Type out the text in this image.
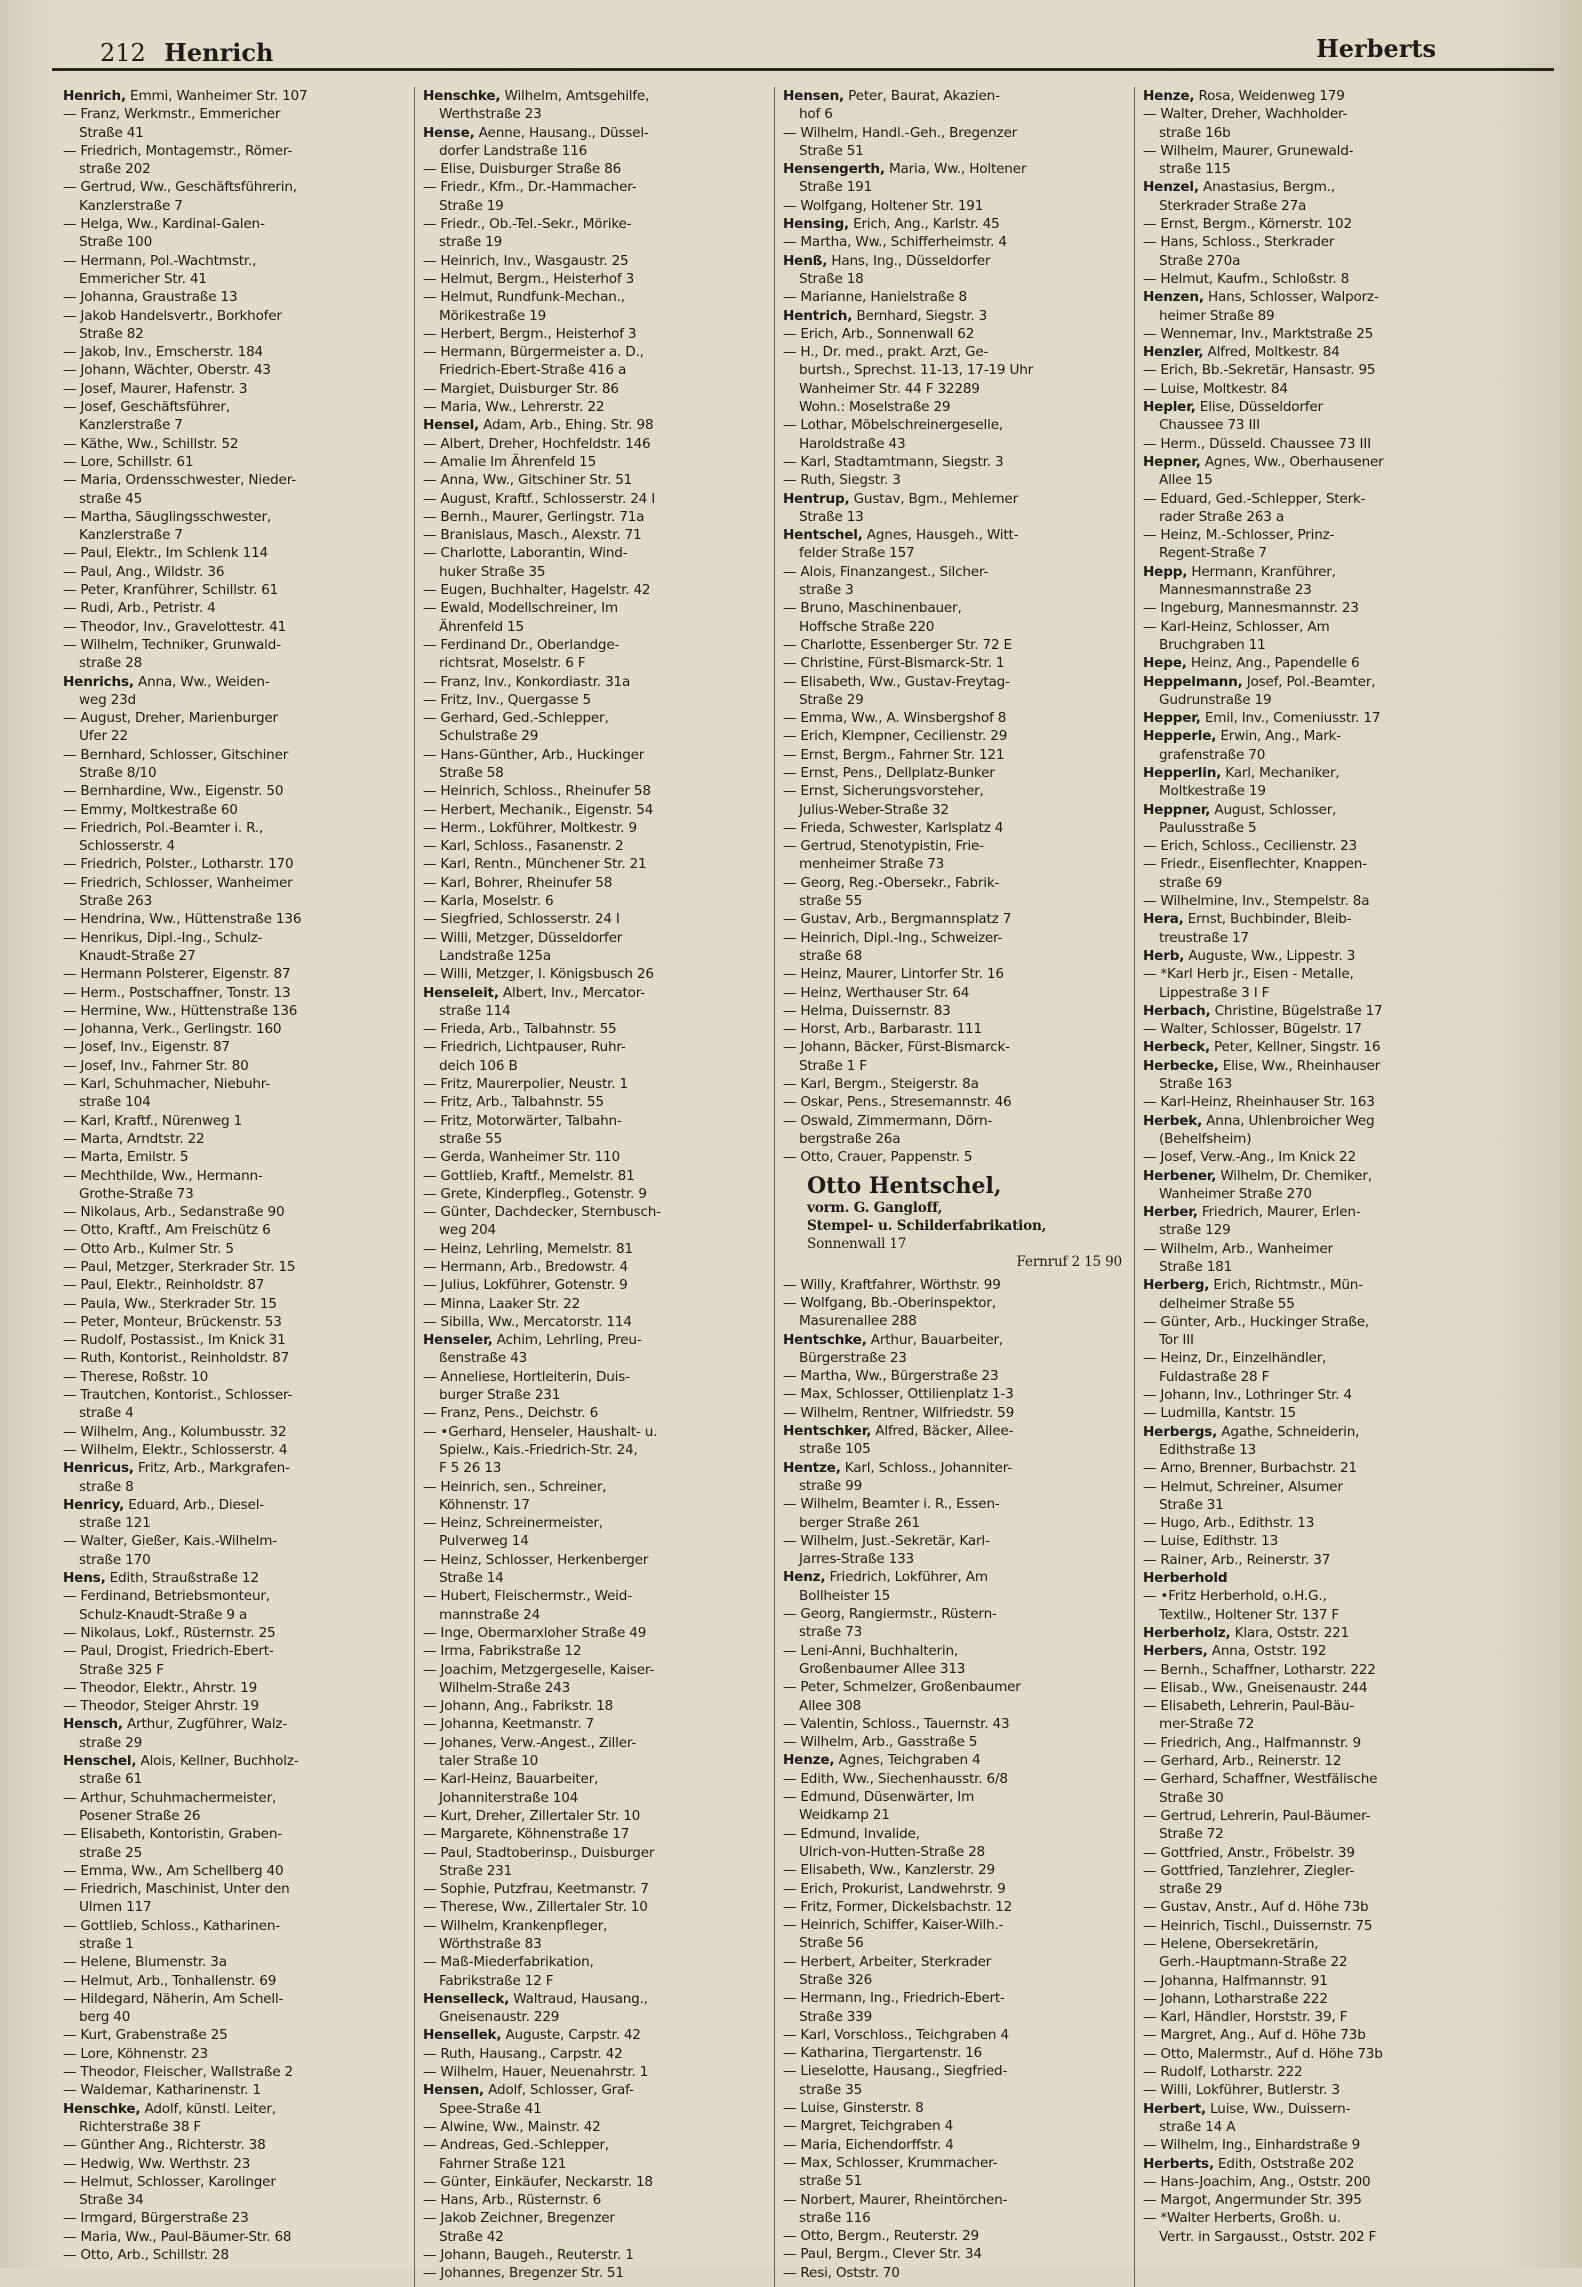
212 Henrich	Herberts
Henrich, Emmi, Wanheimer Str. 107
— Franz, Werkmstr., Emmericher
Straße 41
— Friedrich, Montagemstr., Römer-
straße 202
— Gertrud, Ww., Geschäftsführerin,
Kanzlerstraße 7
— Helga, Ww., Kardinal-Galen-
Straße 100
— Hermann, Pol.-Wachtmstr.,
Emmericher Str. 41
— Johanna, Graustraße 13
— Jakob Handelsvertr., Borkhofer
Straße 82
— Jakob, Inv., Emscherstr. 184
— Johann, Wächter, Oberstr. 43
— Josef, Maurer, Hafenstr. 3
— Josef, Geschäftsführer,
Kanzlerstraße 7
— Käthe, Ww., Schillstr. 52
— Lore, Schillstr. 61
— Maria, Ordensschwester, Nieder-
straße 45
— Martha, Säuglingsschwester,
Kanzlerstraße 7
— Paul, Elektr., Im Schlenk 114
— Paul, Ang., Wildstr. 36
— Peter, Kranführer, Schillstr. 61
— Rudi, Arb., Petristr. 4
— Theodor, Inv., Gravelottestr. 41
— Wilhelm, Techniker, Grunwald-
straße 28
Henrichs, Anna, Ww., Weiden-
weg 23d
— August, Dreher, Marienburger
Ufer 22
— Bernhard, Schlosser, Gitschiner
Straße 8/10
— Bernhardine, Ww., Eigenstr. 50
— Emmy, Moltkestraße 60
— Friedrich, Pol.-Beamter i. R.,
Schlosserstr. 4
— Friedrich, Polster., Lotharstr. 170
— Friedrich, Schlosser, Wanheimer
Straße 263
— Hendrina, Ww., Hüttenstraße 136
— Henrikus, Dipl.-Ing., Schulz-
Knaudt-Straße 27
— Hermann Polsterer, Eigenstr. 87
— Herm., Postschaffner, Tonstr. 13
— Hermine, Ww., Hüttenstraße 136
— Johanna, Verk., Gerlingstr. 160
— Josef, Inv., Eigenstr. 87
— Josef, Inv., Fahrner Str. 80
— Karl, Schuhmacher, Niebuhr-
straße 104
— Karl, Kraftf., Nürenweg 1
— Marta, Arndtstr. 22
— Marta, Emilstr. 5
— Mechthilde, Ww., Hermann-
Grothe-Straße 73
— Nikolaus, Arb., Sedanstraße 90
— Otto, Kraftf., Am Freischütz 6
— Otto Arb., Kulmer Str. 5
— Paul, Metzger, Sterkrader Str. 15
— Paul, Elektr., Reinholdstr. 87
— Paula, Ww., Sterkrader Str. 15
— Peter, Monteur, Brückenstr. 53
— Rudolf, Postassist., Im Knick 31
— Ruth, Kontorist., Reinholdstr. 87
— Therese, Roßstr. 10
— Trautchen, Kontorist., Schlosser-
straße 4
— Wilhelm, Ang., Kolumbusstr. 32
— Wilhelm, Elektr., Schlosserstr. 4
Henricus, Fritz, Arb., Markgrafen-
straße 8
Henricy, Eduard, Arb., Diesel-
straße 121
— Walter, Gießer, Kais.-Wilhelm-
straße 170
Hens, Edith, Straußstraße 12
— Ferdinand, Betriebsmonteur,
Schulz-Knaudt-Straße 9 a
— Nikolaus, Lokf., Rüsternstr. 25
— Paul, Drogist, Friedrich-Ebert-
Straße 325 F
— Theodor, Elektr., Ahrstr. 19
— Theodor, Steiger Ahrstr. 19
Hensch, Arthur, Zugführer, Walz-
straße 29
Henschel, Alois, Kellner, Buchholz-
straße 61
— Arthur, Schuhmachermeister,
Posener Straße 26
— Elisabeth, Kontoristin, Graben-
straße 25
— Emma, Ww., Am Schellberg 40
— Friedrich, Maschinist, Unter den
Ulmen 117
— Gottlieb, Schloss., Katharinen-
straße 1
— Helene, Blumenstr. 3a
— Helmut, Arb., Tonhallenstr. 69
— Hildegard, Näherin, Am Schell-
berg 40
— Kurt, Grabenstraße 25
— Lore, Köhnenstr. 23
— Theodor, Fleischer, Wallstraße 2
— Waldemar, Katharinenstr. 1
Henschke, Adolf, künstl. Leiter,
Richterstraße 38 F
— Günther Ang., Richterstr. 38
— Hedwig, Ww. Werthstr. 23
— Helmut, Schlosser, Karolinger
Straße 34
— Irmgard, Bürgerstraße 23
— Maria, Ww., Paul-Bäumer-Str. 68
— Otto, Arb., Schillstr. 28
Henschke, Wilhelm, Amtsgehilfe,
Werthstraße 23
Hense, Aenne, Hausang., Düssel-
dorfer Landstraße 116
— Elise, Duisburger Straße 86
— Friedr., Kfm., Dr.-Hammacher-
Straße 19
— Friedr., Ob.-Tel.-Sekr., Mörike-
straße 19
— Heinrich, Inv., Wasgaustr. 25
— Helmut, Bergm., Heisterhof 3
— Helmut, Rundfunk-Mechan.,
Mörikestraße 19
— Herbert, Bergm., Heisterhof 3
— Hermann, Bürgermeister a. D.,
Friedrich-Ebert-Straße 416 a
— Margiet, Duisburger Str. 86
— Maria, Ww., Lehrerstr. 22
Hensel, Adam, Arb., Ehing. Str. 98
— Albert, Dreher, Hochfeldstr. 146
— Amalie Im Ährenfeld 15
— Anna, Ww., Gitschiner Str. 51
— August, Kraftf., Schlosserstr. 24 I
— Bernh., Maurer, Gerlingstr. 71a
— Branislaus, Masch., Alexstr. 71
— Charlotte, Laborantin, Wind-
huker Straße 35
— Eugen, Buchhalter, Hagelstr. 42
— Ewald, Modellschreiner, Im
Ährenfeld 15
— Ferdinand Dr., Oberlandge-
richtsrat, Moselstr. 6 F
— Franz, Inv., Konkordiastr. 31a
— Fritz, Inv., Quergasse 5
— Gerhard, Ged.-Schlepper,
Schulstraße 29
— Hans-Günther, Arb., Huckinger
Straße 58
— Heinrich, Schloss., Rheinufer 58
— Herbert, Mechanik., Eigenstr. 54
— Herm., Lokführer, Moltkestr. 9
— Karl, Schloss., Fasanenstr. 2
— Karl, Rentn., Münchener Str. 21
— Karl, Bohrer, Rheinufer 58
— Karla, Moselstr. 6
— Siegfried, Schlosserstr. 24 I
— Willi, Metzger, Düsseldorfer
Landstraße 125a
— Willi, Metzger, I. Königsbusch 26
Henseleit, Albert, Inv., Mercator-
straße 114
— Frieda, Arb., Talbahnstr. 55
— Friedrich, Lichtpauser, Ruhr-
deich 106 B
— Fritz, Maurerpolier, Neustr. 1
— Fritz, Arb., Talbahnstr. 55
— Fritz, Motorwärter, Talbahn-
straße 55
— Gerda, Wanheimer Str. 110
— Gottlieb, Kraftf., Memelstr. 81
— Grete, Kinderpfleg., Gotenstr. 9
— Günter, Dachdecker, Sternbusch-
weg 204
— Heinz, Lehrling, Memelstr. 81
— Hermann, Arb., Bredowstr. 4
— Julius, Lokführer, Gotenstr. 9
— Minna, Laaker Str. 22
— Sibilla, Ww., Mercatorstr. 114
Henseler, Achim, Lehrling, Preu-
ßenstraße 43
— Anneliese, Hortleiterin, Duis-
burger Straße 231
— Franz, Pens., Deichstr. 6
— •Gerhard, Henseler, Haushalt- u.
Spielw., Kais.-Friedrich-Str. 24,
F 5 26 13
— Heinrich, sen., Schreiner,
Köhnenstr. 17
— Heinz, Schreinermeister,
Pulverweg 14
— Heinz, Schlosser, Herkenberger
Straße 14
— Hubert, Fleischermstr., Weid-
mannstraße 24
— Inge, Obermarxloher Straße 49
— Irma, Fabrikstraße 12
— Joachim, Metzgergeselle, Kaiser-
Wilhelm-Straße 243
— Johann, Ang., Fabrikstr. 18
— Johanna, Keetmanstr. 7
— Johanes, Verw.-Angest., Ziller-
taler Straße 10
— Karl-Heinz, Bauarbeiter,
Johanniterstraße 104
— Kurt, Dreher, Zillertaler Str. 10
— Margarete, Köhnenstraße 17
— Paul, Stadtoberinsp., Duisburger
Straße 231
— Sophie, Putzfrau, Keetmanstr. 7
— Therese, Ww., Zillertaler Str. 10
— Wilhelm, Krankenpfleger,
Wörthstraße 83
— Maß-Miederfabrikation,
Fabrikstraße 12 F
Henselleck, Waltraud, Hausang.,
Gneisenaustr. 229
Hensellek, Auguste, Carpstr. 42
— Ruth, Hausang., Carpstr. 42
— Wilhelm, Hauer, Neuenahrstr. 1
Hensen, Adolf, Schlosser, Graf-
Spee-Straße 41
— Alwine, Ww., Mainstr. 42
— Andreas, Ged.-Schlepper,
Fahrner Straße 121
— Günter, Einkäufer, Neckarstr. 18
— Hans, Arb., Rüsternstr. 6
— Jakob Zeichner, Bregenzer
Straße 42
— Johann, Baugeh., Reuterstr. 1
— Johannes, Bregenzer Str. 51
Hensen, Peter, Baurat, Akazien-
hof 6
— Wilhelm, Handl.-Geh., Bregenzer
Straße 51
Hensengerth, Maria, Ww., Holtener
Straße 191
— Wolfgang, Holtener Str. 191
Hensing, Erich, Ang., Karlstr. 45
— Martha, Ww., Schifferheimstr. 4
Henß, Hans, Ing., Düsseldorfer
Straße 18
— Marianne, Hanielstraße 8
Hentrich, Bernhard, Siegstr. 3
— Erich, Arb., Sonnenwall 62
— H., Dr. med., prakt. Arzt, Ge-
burtsh., Sprechst. 11-13, 17-19 Uhr
Wanheimer Str. 44 F 32289
Wohn.: Moselstraße 29
— Lothar, Möbelschreinergeselle,
Haroldstraße 43
— Karl, Stadtamtmann, Siegstr. 3
— Ruth, Siegstr. 3
Hentrup, Gustav, Bgm., Mehlemer
Straße 13
Hentschel, Agnes, Hausgeh., Witt-
felder Straße 157
— Alois, Finanzangest., Silcher-
straße 3
— Bruno, Maschinenbauer,
Hoffsche Straße 220
— Charlotte, Essenberger Str. 72 E
— Christine, Fürst-Bismarck-Str. 1
— Elisabeth, Ww., Gustav-Freytag-
Straße 29
— Emma, Ww., A. Winsbergshof 8
— Erich, Klempner, Cecilienstr. 29
— Ernst, Bergm., Fahrner Str. 121
— Ernst, Pens., Dellplatz-Bunker
— Ernst, Sicherungsvorsteher,
Julius-Weber-Straße 32
— Frieda, Schwester, Karlsplatz 4
— Gertrud, Stenotypistin, Frie-
menheimer Straße 73
— Georg, Reg.-Obersekr., Fabrik-
straße 55
— Gustav, Arb., Bergmannsplatz 7
— Heinrich, Dipl.-Ing., Schweizer-
straße 68
— Heinz, Maurer, Lintorfer Str. 16
— Heinz, Werthauser Str. 64
— Helma, Duissernstr. 83
— Horst, Arb., Barbarastr. 111
— Johann, Bäcker, Fürst-Bismarck-
Straße 1 F
— Karl, Bergm., Steigerstr. 8a
— Oskar, Pens., Stresemannstr. 46
— Oswald, Zimmermann, Dörn-
bergstraße 26a
— Otto, Crauer, Pappenstr. 5
Otto Hentschel,
vorm. G. Gangloff,
Stempel- u. Schilderfabrikation,
Sonnenwall 17
Fernruf 2 15 90
— Willy, Kraftfahrer, Wörthstr. 99
— Wolfgang, Bb.-Oberinspektor,
Masurenallee 288
Hentschke, Arthur, Bauarbeiter,
Bürgerstraße 23
— Martha, Ww., Bürgerstraße 23
— Max, Schlosser, Ottilienplatz 1-3
— Wilhelm, Rentner, Wilfriedstr. 59
Hentschker, Alfred, Bäcker, Allee-
straße 105
Hentze, Karl, Schloss., Johanniter-
straße 99
— Wilhelm, Beamter i. R., Essen-
berger Straße 261
— Wilhelm, Just.-Sekretär, Karl-
Jarres-Straße 133
Henz, Friedrich, Lokführer, Am
Bollheister 15
— Georg, Rangiermstr., Rüstern-
straße 73
— Leni-Anni, Buchhalterin,
Großenbaumer Allee 313
— Peter, Schmelzer, Großenbaumer
Allee 308
— Valentin, Schloss., Tauernstr. 43
— Wilhelm, Arb., Gasstraße 5
Henze, Agnes, Teichgraben 4
— Edith, Ww., Siechenhausstr. 6/8
— Edmund, Düsenwärter, Im
Weidkamp 21
— Edmund, Invalide,
Ulrich-von-Hutten-Straße 28
— Elisabeth, Ww., Kanzlerstr. 29
— Erich, Prokurist, Landwehrstr. 9
— Fritz, Former, Dickelsbachstr. 12
— Heinrich, Schiffer, Kaiser-Wilh.-
Straße 56
— Herbert, Arbeiter, Sterkrader
Straße 326
— Hermann, Ing., Friedrich-Ebert-
Straße 339
— Karl, Vorschloss., Teichgraben 4
— Katharina, Tiergartenstr. 16
— Lieselotte, Hausang., Siegfried-
straße 35
— Luise, Ginsterstr. 8
— Margret, Teichgraben 4
— Maria, Eichendorffstr. 4
— Max, Schlosser, Krummacher-
straße 51
— Norbert, Maurer, Rheintörchen-
straße 116
— Otto, Bergm., Reuterstr. 29
— Paul, Bergm., Clever Str. 34
— Resi, Oststr. 70
Henze, Rosa, Weidenweg 179
— Walter, Dreher, Wachholder-
straße 16b
— Wilhelm, Maurer, Grunewald-
straße 115
Henzel, Anastasius, Bergm.,
Sterkrader Straße 27a
— Ernst, Bergm., Körnerstr. 102
— Hans, Schloss., Sterkrader
Straße 270a
— Helmut, Kaufm., Schloßstr. 8
Henzen, Hans, Schlosser, Walporz-
heimer Straße 89
— Wennemar, Inv., Marktstraße 25
Henzler, Alfred, Moltkestr. 84
— Erich, Bb.-Sekretär, Hansastr. 95
— Luise, Moltkestr. 84
Hepler, Elise, Düsseldorfer
Chaussee 73 III
— Herm., Düsseld. Chaussee 73 III
Hepner, Agnes, Ww., Oberhausener
Allee 15
— Eduard, Ged.-Schlepper, Sterk-
rader Straße 263 a
— Heinz, M.-Schlosser, Prinz-
Regent-Straße 7
Hepp, Hermann, Kranführer,
Mannesmannstraße 23
— Ingeburg, Mannesmannstr. 23
— Karl-Heinz, Schlosser, Am
Bruchgraben 11
Hepe, Heinz, Ang., Papendelle 6
Heppelmann, Josef, Pol.-Beamter,
Gudrunstraße 19
Hepper, Emil, Inv., Comeniusstr. 17
Hepperle, Erwin, Ang., Mark-
grafenstraße 70
Hepperlin, Karl, Mechaniker,
Moltkestraße 19
Heppner, August, Schlosser,
Paulusstraße 5
— Erich, Schloss., Cecilienstr. 23
— Friedr., Eisenflechter, Knappen-
straße 69
— Wilhelmine, Inv., Stempelstr. 8a
Hera, Ernst, Buchbinder, Bleib-
treustraße 17
Herb, Auguste, Ww., Lippestr. 3
— *Karl Herb jr., Eisen - Metalle,
Lippestraße 3 I F
Herbach, Christine, Bügelstraße 17
— Walter, Schlosser, Bügelstr. 17
Herbeck, Peter, Kellner, Singstr. 16
Herbecke, Elise, Ww., Rheinhauser
Straße 163
— Karl-Heinz, Rheinhauser Str. 163
Herbek, Anna, Uhlenbroicher Weg
(Behelfsheim)
— Josef, Verw.-Ang., Im Knick 22
Herbener, Wilhelm, Dr. Chemiker,
Wanheimer Straße 270
Herber, Friedrich, Maurer, Erlen-
straße 129
— Wilhelm, Arb., Wanheimer
Straße 181
Herberg, Erich, Richtmstr., Mün-
delheimer Straße 55
— Günter, Arb., Huckinger Straße,
Tor III
— Heinz, Dr., Einzelhändler,
Fuldastraße 28 F
— Johann, Inv., Lothringer Str. 4
— Ludmilla, Kantstr. 15
Herbergs, Agathe, Schneiderin,
Edithstraße 13
— Arno, Brenner, Burbachstr. 21
— Helmut, Schreiner, Alsumer
Straße 31
— Hugo, Arb., Edithstr. 13
— Luise, Edithstr. 13
— Rainer, Arb., Reinerstr. 37
Herberhold
— •Fritz Herberhold, o.H.G.,
Textilw., Holtener Str. 137 F
Herberholz, Klara, Oststr. 221
Herbers, Anna, Oststr. 192
— Bernh., Schaffner, Lotharstr. 222
— Elisab., Ww., Gneisenaustr. 244
— Elisabeth, Lehrerin, Paul-Bäu-
mer-Straße 72
— Friedrich, Ang., Halfmannstr. 9
— Gerhard, Arb., Reinerstr. 12
— Gerhard, Schaffner, Westfälische
Straße 30
— Gertrud, Lehrerin, Paul-Bäumer-
Straße 72
— Gottfried, Anstr., Fröbelstr. 39
— Gottfried, Tanzlehrer, Ziegler-
straße 29
— Gustav, Anstr., Auf d. Höhe 73b
— Heinrich, Tischl., Duissernstr. 75
— Helene, Obersekretärin,
Gerh.-Hauptmann-Straße 22
— Johanna, Halfmannstr. 91
— Johann, Lotharstraße 222
— Karl, Händler, Horststr. 39, F
— Margret, Ang., Auf d. Höhe 73b
— Otto, Malermstr., Auf d. Höhe 73b
— Rudolf, Lotharstr. 222
— Willi, Lokführer, Butlerstr. 3
Herbert, Luise, Ww., Duissern-
straße 14 A
— Wilhelm, Ing., Einhardstraße 9
Herberts, Edith, Oststraße 202
— Hans-Joachim, Ang., Oststr. 200
— Margot, Angermunder Str. 395
— *Walter Herberts, Großh. u.
Vertr. in Sargausst., Oststr. 202 F
